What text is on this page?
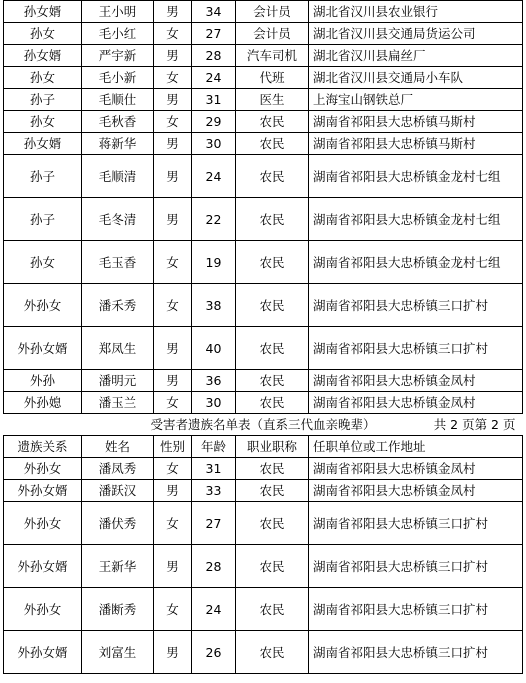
孙女婿	王小明	男	34	会计员	湖北省汉川县农业银行
孙女	毛小红	女	27	会计员	湖北省汉川县交通局货运公司
孙女婿	严宇新	男	28	汽车司机	湖北省汉川县扁丝厂
孙女	毛小新	女	24	代班	湖北省汉川县交通局小车队
孙子	毛顺仕	男	31	医生	上海宝山钢铁总厂
孙女	毛秋香	女	29	农民	湖南省祁阳县大忠桥镇马斯村
孙女婿	蒋新华	男	30	农民	湖南省祁阳县大忠桥镇马斯村
孙子	毛顺清	男	24	农民	湖南省祁阳县大忠桥镇金龙村七组
孙子	毛冬清	男	22	农民	湖南省祁阳县大忠桥镇金龙村七组
孙女	毛玉香	女	19	农民	湖南省祁阳县大忠桥镇金龙村七组
外孙女	潘禾秀	女	38	农民	湖南省祁阳县大忠桥镇三口扩村
外孙女婿	郑凤生	男	40	农民	湖南省祁阳县大忠桥镇三口扩村
外孙	潘明元	男	36	农民	湖南省祁阳县大忠桥镇金凤村
外孙媳	潘玉兰	女	30	农民	湖南省祁阳县大忠桥镇金凤村

受害者遗族名单表（直系三代血亲晚辈） 共 2 页第 2 页					

遗族关系	姓名	性别	年龄	职业职称	任职单位或工作地址
外孙女	潘凤秀	女	31	农民	湖南省祁阳县大忠桥镇金凤村
外孙女婿	潘跃汉	男	33	农民	湖南省祁阳县大忠桥镇金凤村
外孙女	潘伏秀	女	27	农民	湖南省祁阳县大忠桥镇三口扩村
外孙女婿	王新华	男	28	农民	湖南省祁阳县大忠桥镇三口扩村
外孙女	潘断秀	女	24	农民	湖南省祁阳县大忠桥镇三口扩村
外孙女婿	刘富生	男	26	农民	湖南省祁阳县大忠桥镇三口扩村
